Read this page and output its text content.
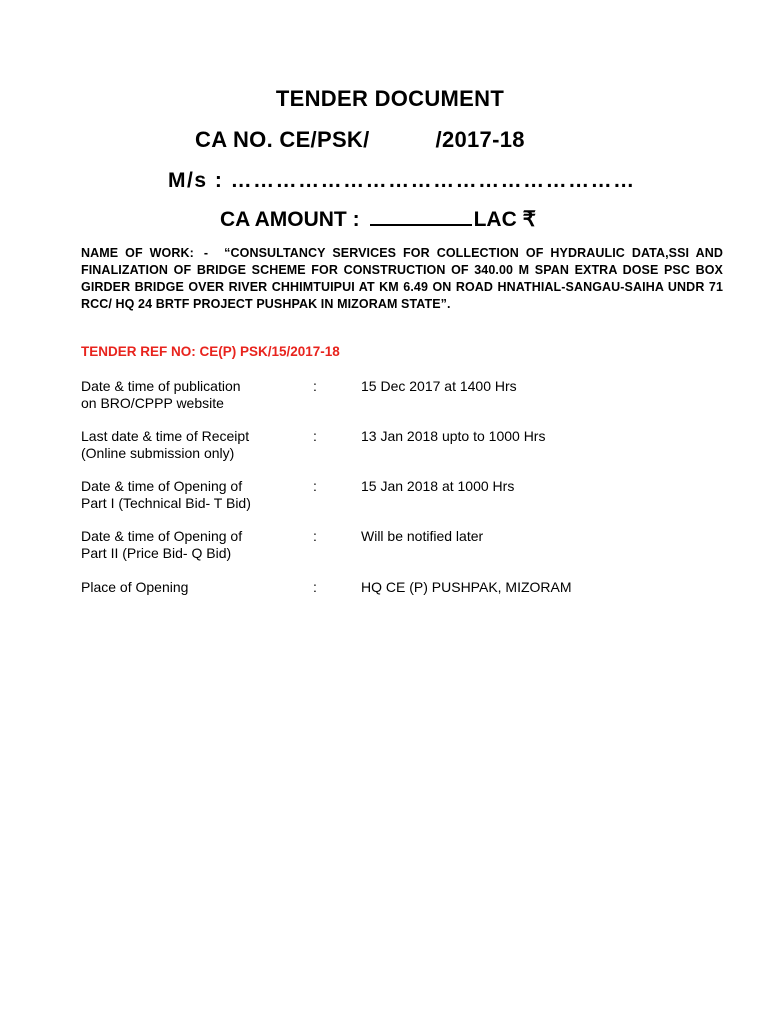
TENDER DOCUMENT
CA NO. CE/PSK/	/2017-18
M/s : ………………………………………………
CA AMOUNT :	LAC ₹
NAME OF WORK: - “CONSULTANCY SERVICES FOR COLLECTION OF HYDRAULIC DATA,SSI AND FINALIZATION OF BRIDGE SCHEME FOR CONSTRUCTION OF 340.00 M SPAN EXTRA DOSE PSC BOX GIRDER BRIDGE OVER RIVER CHHIMTUIPUI AT KM 6.49 ON ROAD HNATHIAL-SANGAU-SAIHA UNDR 71 RCC/ HQ 24 BRTF PROJECT PUSHPAK IN MIZORAM STATE”.
TENDER REF NO: CE(P) PSK/15/2017-18
Date & time of publication
on BRO/CPPP website
:	15 Dec 2017 at 1400 Hrs
Last date & time of Receipt
(Online submission only)
:	13 Jan 2018 upto to 1000 Hrs
Date & time of Opening of
Part I (Technical Bid- T Bid)
:	15 Jan 2018 at 1000 Hrs
Date & time of Opening of
Part II (Price Bid- Q Bid)
:	Will be notified later
Place of Opening	:	HQ CE (P) PUSHPAK, MIZORAM
